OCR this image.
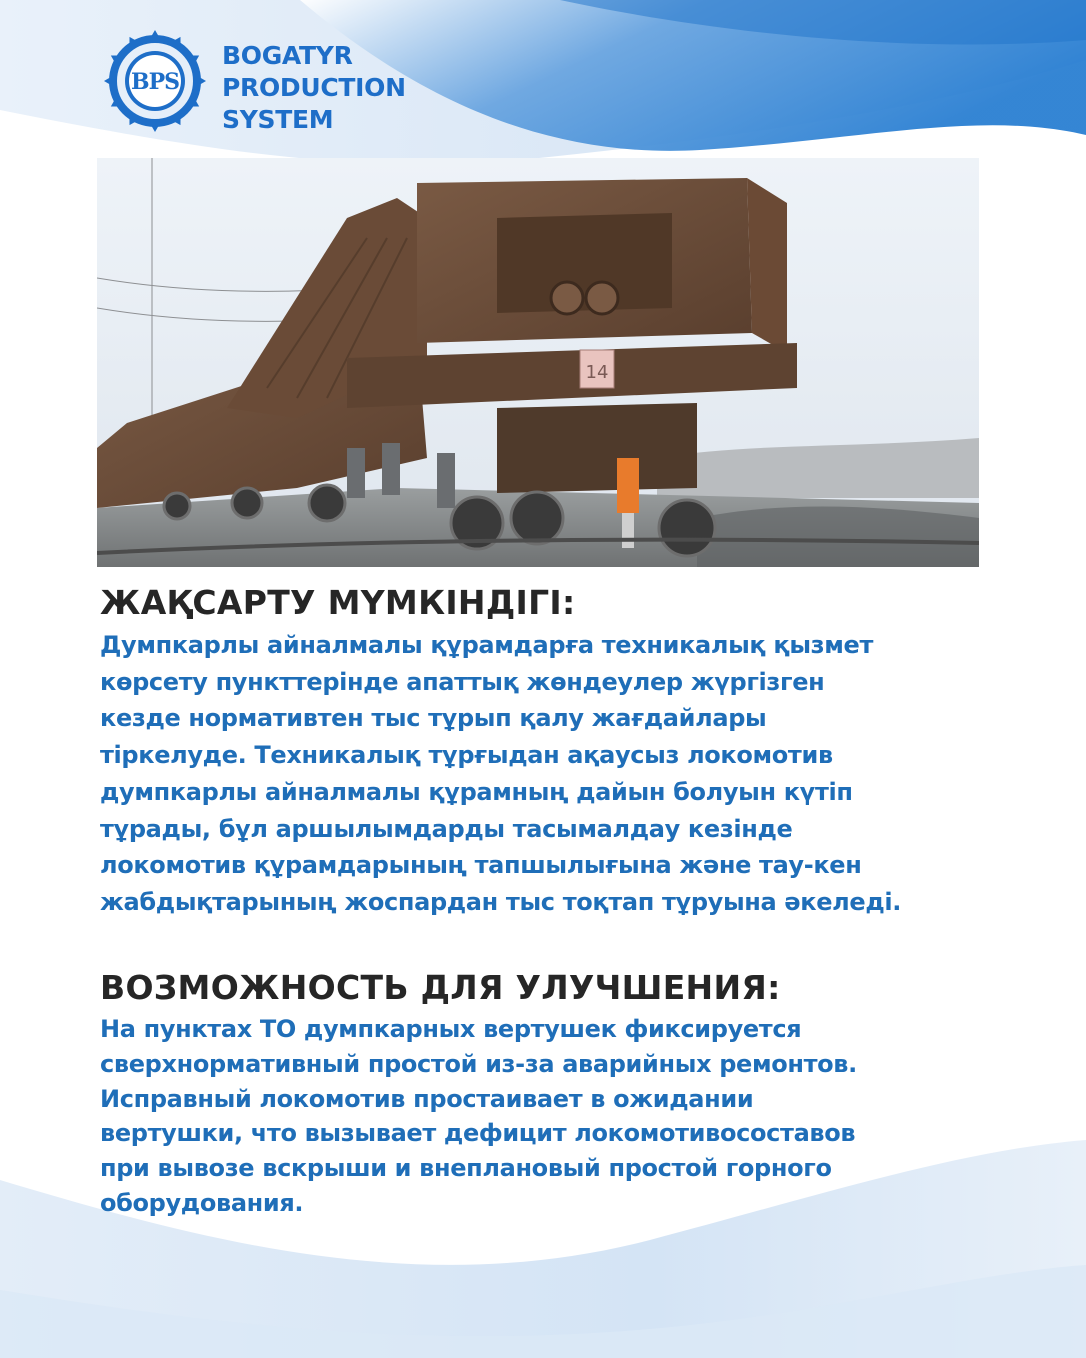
BPS
BOGATYR
PRODUCTION
SYSTEM
14
ЖАҚСАРТУ МҮМКІНДІГІ:
Думпкарлы айналмалы құрамдарға техникалық қызмет
көрсету пункттерінде апаттық жөндеулер жүргізген
кезде нормативтен тыс тұрып қалу жағдайлары
тіркелуде. Техникалық тұрғыдан ақаусыз локомотив
думпкарлы айналмалы құрамның дайын болуын күтіп
тұрады, бұл аршылымдарды тасымалдау кезінде
локомотив құрамдарының тапшылығына және тау-кен
жабдықтарының жоспардан тыс тоқтап тұруына әкеледі.
ВОЗМОЖНОСТЬ ДЛЯ УЛУЧШЕНИЯ:
На пунктах ТО думпкарных вертушек фиксируется
сверхнормативный простой из-за аварийных ремонтов.
Исправный локомотив простаивает в ожидании
вертушки, что вызывает дефицит локомотивосоставов
при вывозе вскрыши и внеплановый простой горного
оборудования.
